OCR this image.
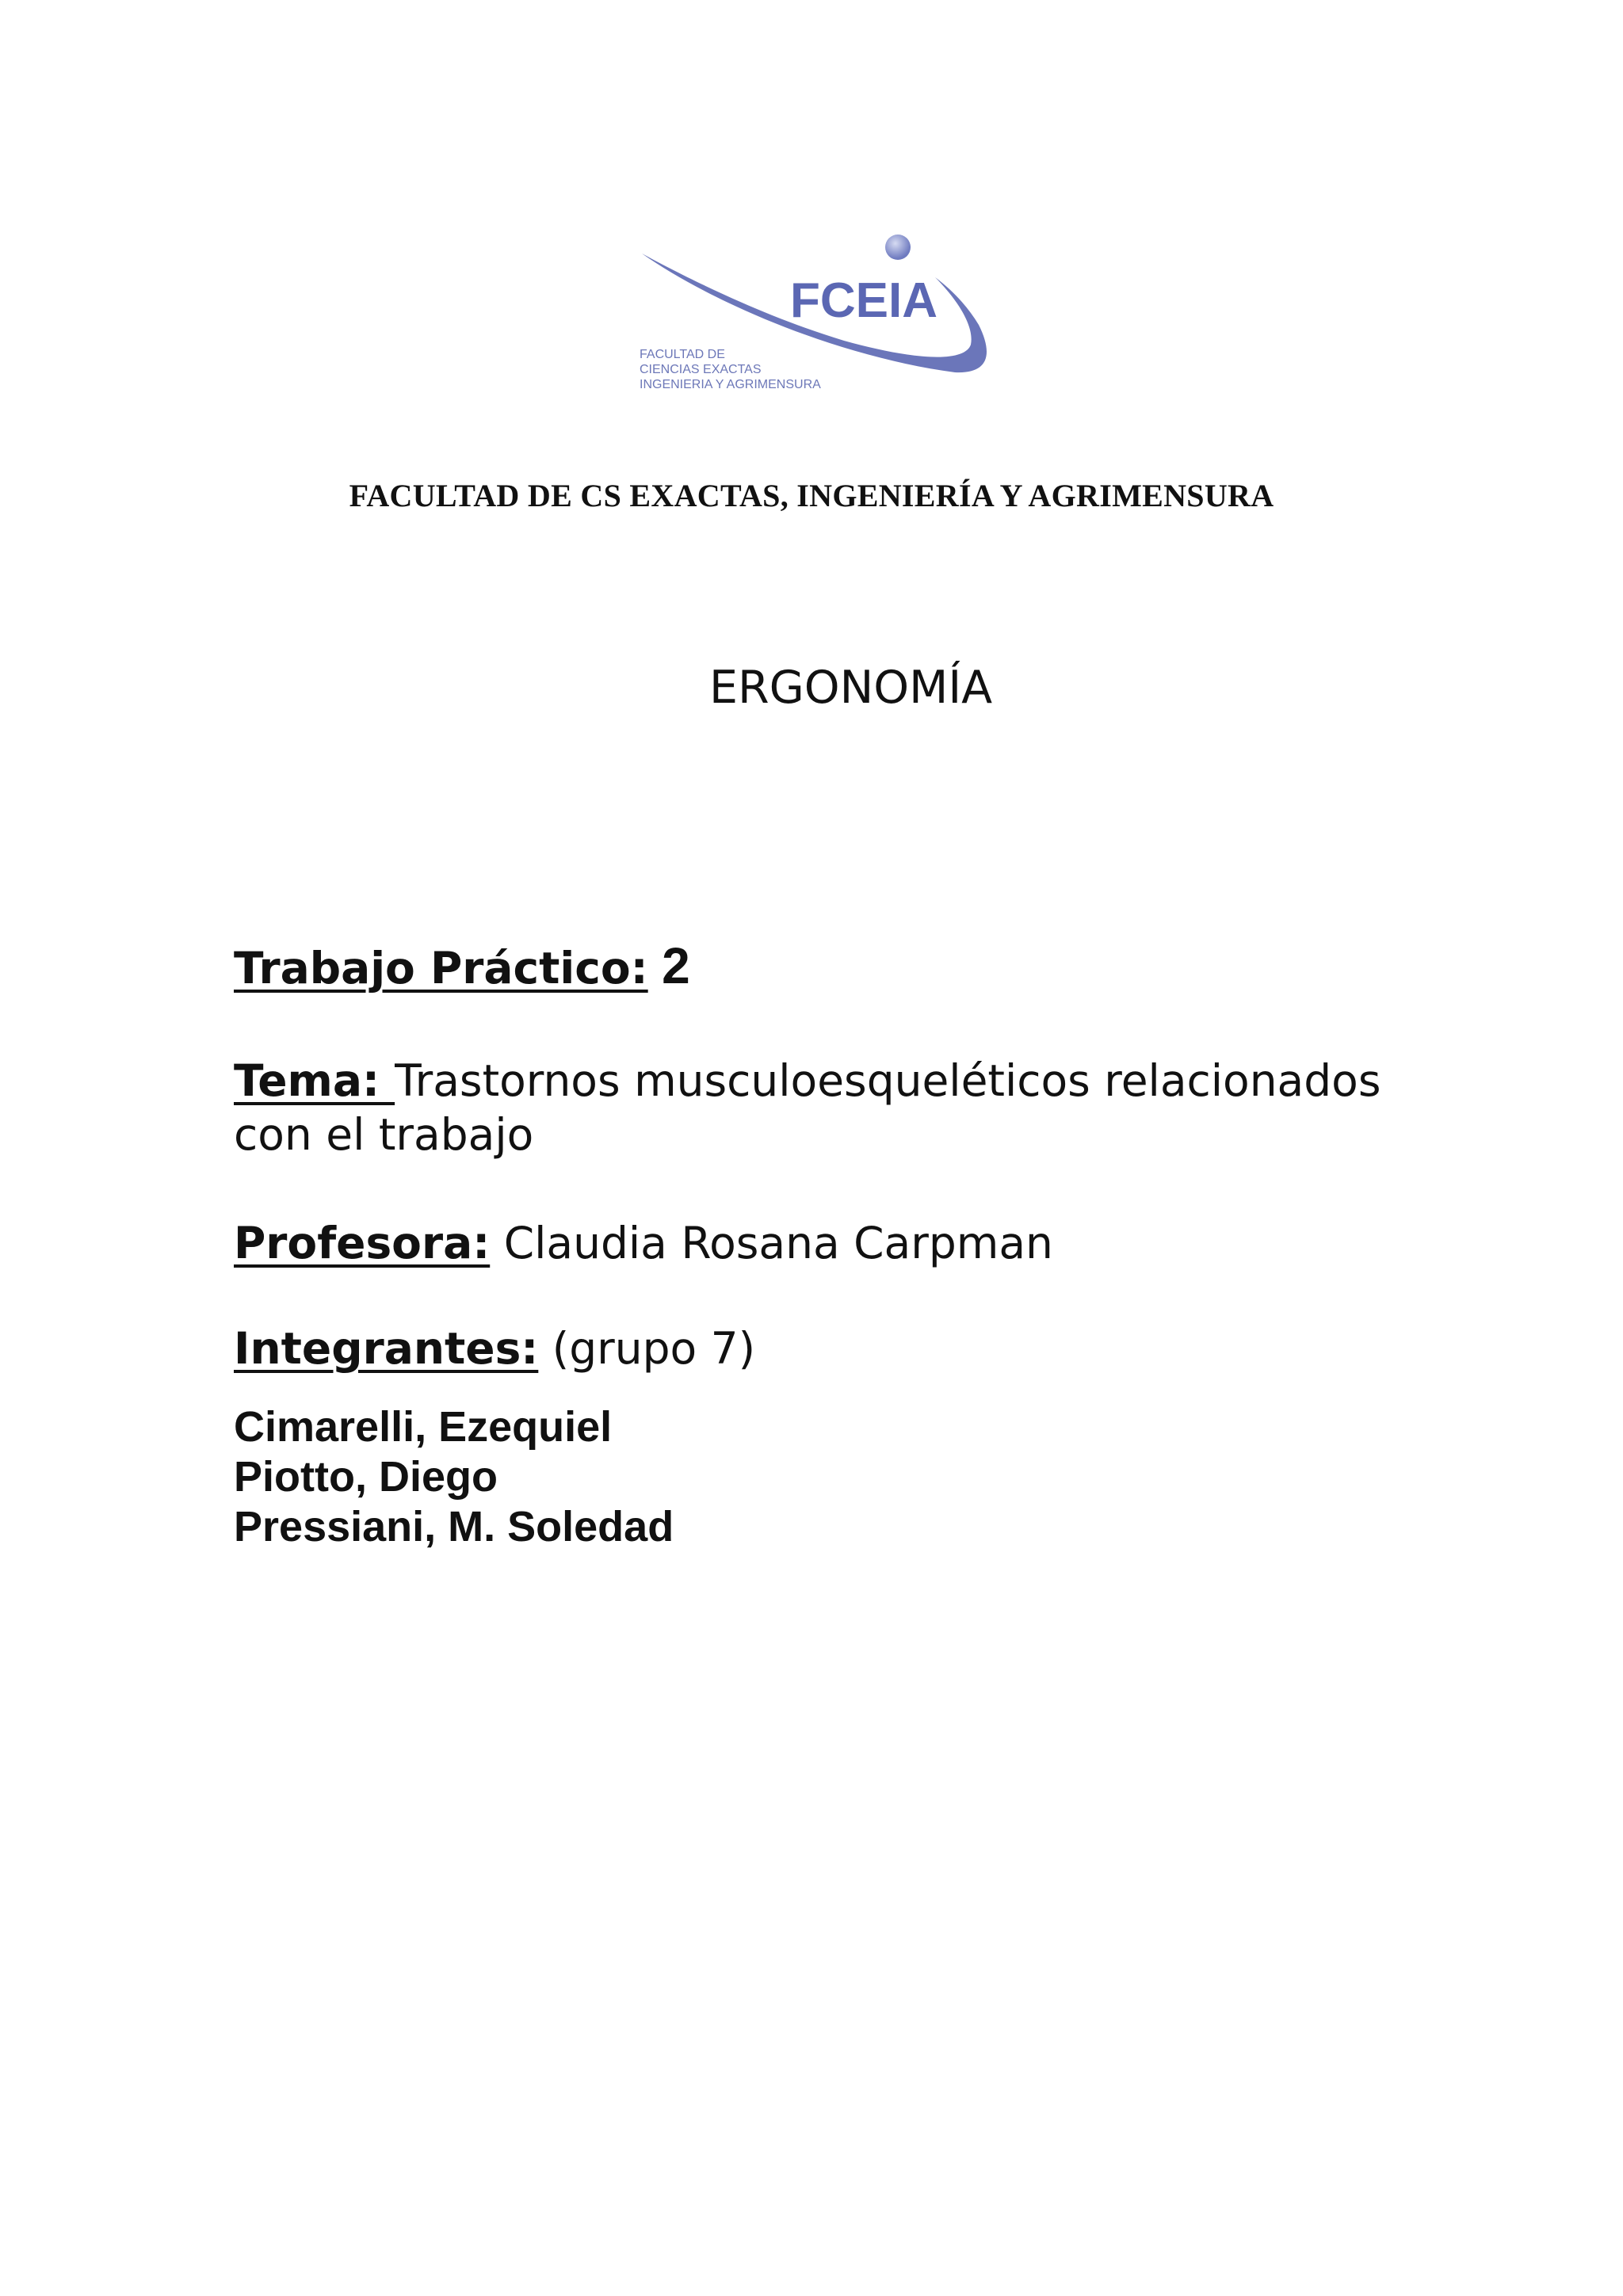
FCEIA
FACULTAD DE
CIENCIAS EXACTAS
INGENIERIA Y AGRIMENSURA
FACULTAD DE CS EXACTAS, INGENIERÍA Y AGRIMENSURA
ERGONOMÍA
Trabajo Práctico: 2
Tema: Trastornos musculoesqueléticos relacionados
con el trabajo
Profesora: Claudia Rosana Carpman
Integrantes: (grupo 7)
Cimarelli, Ezequiel
Piotto, Diego
Pressiani, M. Soledad
